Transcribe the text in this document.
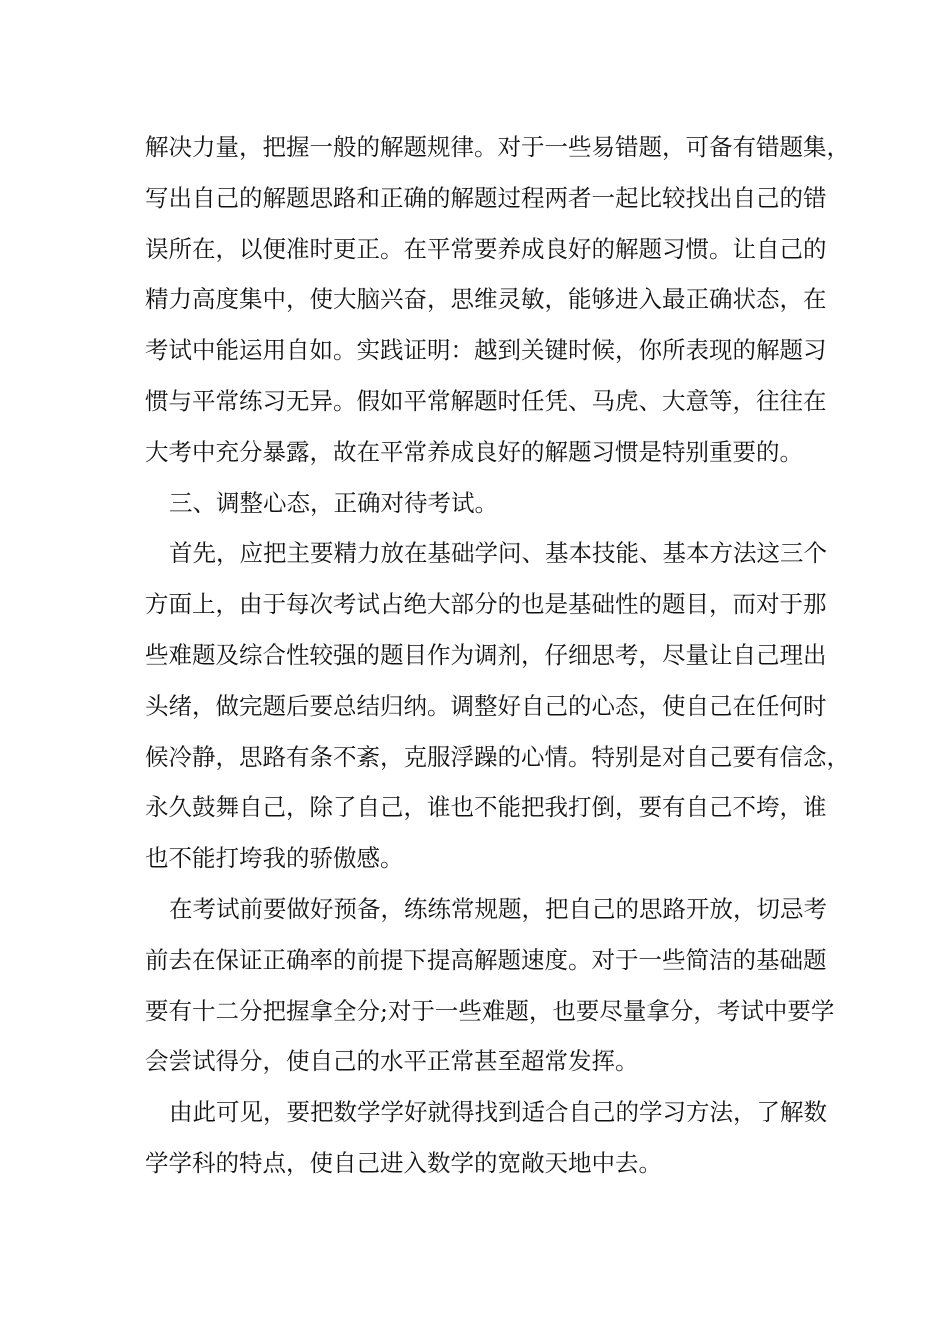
解决力量，把握一般的解题规律。对于一些易错题，可备有错题集，
写出自己的解题思路和正确的解题过程两者一起比较找出自己的错
误所在，以便准时更正。在平常要养成良好的解题习惯。让自己的
精力高度集中，使大脑兴奋，思维灵敏，能够进入最正确状态，在
考试中能运用自如。实践证明：越到关键时候，你所表现的解题习
惯与平常练习无异。假如平常解题时任凭、马虎、大意等，往往在
大考中充分暴露，故在平常养成良好的解题习惯是特别重要的。
三、调整心态，正确对待考试。
首先，应把主要精力放在基础学问、基本技能、基本方法这三个
方面上，由于每次考试占绝大部分的也是基础性的题目，而对于那
些难题及综合性较强的题目作为调剂，仔细思考，尽量让自己理出
头绪，做完题后要总结归纳。调整好自己的心态，使自己在任何时
候冷静，思路有条不紊，克服浮躁的心情。特别是对自己要有信念，
永久鼓舞自己，除了自己，谁也不能把我打倒，要有自己不垮，谁
也不能打垮我的骄傲感。
在考试前要做好预备，练练常规题，把自己的思路开放，切忌考
前去在保证正确率的前提下提高解题速度。对于一些简洁的基础题
要有十二分把握拿全分;对于一些难题，也要尽量拿分，考试中要学
会尝试得分，使自己的水平正常甚至超常发挥。
由此可见，要把数学学好就得找到适合自己的学习方法，了解数
学学科的特点，使自己进入数学的宽敞天地中去。
